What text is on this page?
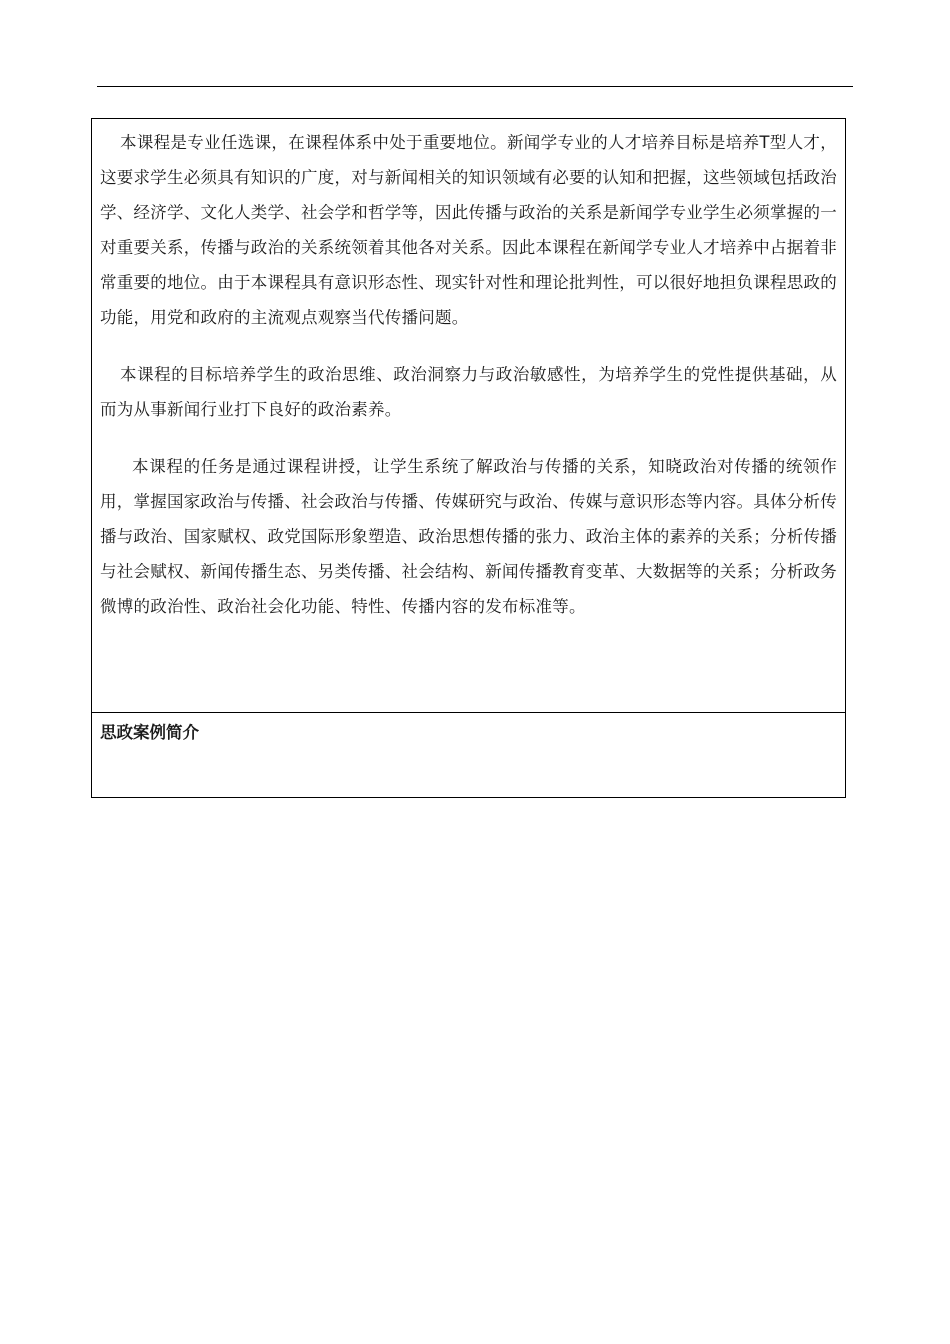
本课程是专业任选课，在课程体系中处于重要地位。新闻学专业的人才培养目标是培养T型人才，这要求学生必须具有知识的广度，对与新闻相关的知识领域有必要的认知和把握，这些领域包括政治学、经济学、文化人类学、社会学和哲学等，因此传播与政治的关系是新闻学专业学生必须掌握的一对重要关系，传播与政治的关系统领着其他各对关系。因此本课程在新闻学专业人才培养中占据着非常重要的地位。由于本课程具有意识形态性、现实针对性和理论批判性，可以很好地担负课程思政的功能，用党和政府的主流观点观察当代传播问题。

本课程的目标培养学生的政治思维、政治洞察力与政治敏感性，为培养学生的党性提供基础，从而为从事新闻行业打下良好的政治素养。

本课程的任务是通过课程讲授，让学生系统了解政治与传播的关系，知晓政治对传播的统领作用，掌握国家政治与传播、社会政治与传播、传媒研究与政治、传媒与意识形态等内容。具体分析传播与政治、国家赋权、政党国际形象塑造、政治思想传播的张力、政治主体的素养的关系；分析传播与社会赋权、新闻传播生态、另类传播、社会结构、新闻传播教育变革、大数据等的关系；分析政务微博的政治性、政治社会化功能、特性、传播内容的发布标准等。

思政案例简介
